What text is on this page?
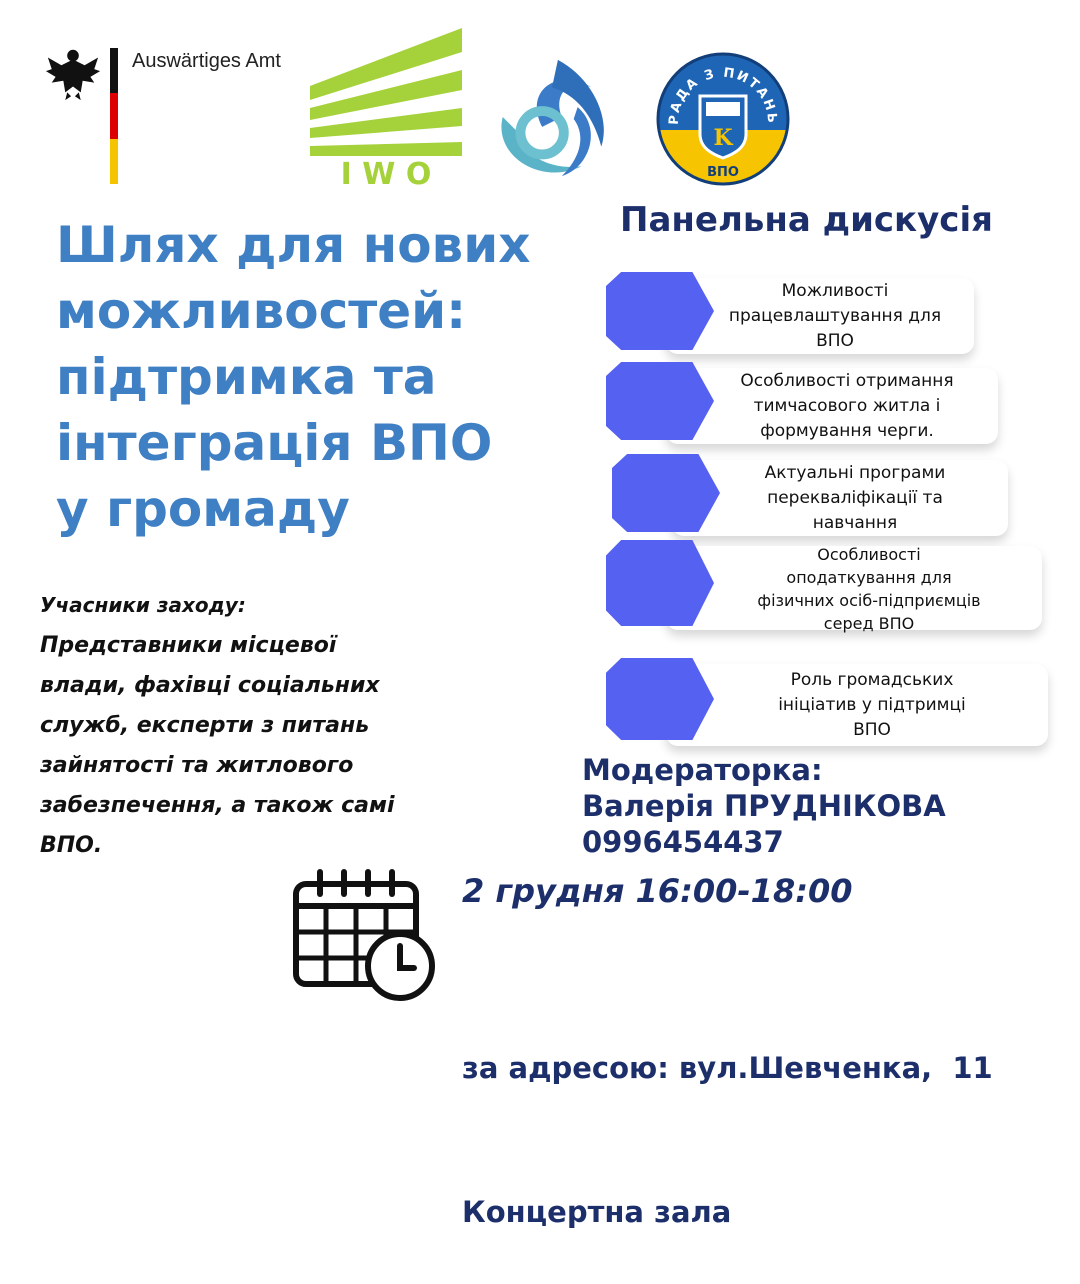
Auswärtiges Amt
I W O
РАДА З ПИТАНЬ
K
ВПО
Шлях для нових
можливостей:
підтримка та
інтеграція ВПО
у громаду
Панельна дискусія
Можливості
працевлаштування для
ВПО
Особливості отримання
тимчасового житла і
формування черги.
Актуальні програми
перекваліфікації та
навчання
Особливості
оподаткування для
фізичних осіб-підприємців
серед ВПО
Роль громадських
ініціатив у підтримці
ВПО
Учасники заходу:
Представники місцевої
влади, фахівці соціальних
служб, експерти з питань
зайнятості та житлового
забезпечення, а також самі
ВПО.
Модераторка:
Валерія ПРУДНІКОВА
0996454437
2 грудня 16:00-18:00

за адресою: вул.Шевченка,  11

Концертна зала
